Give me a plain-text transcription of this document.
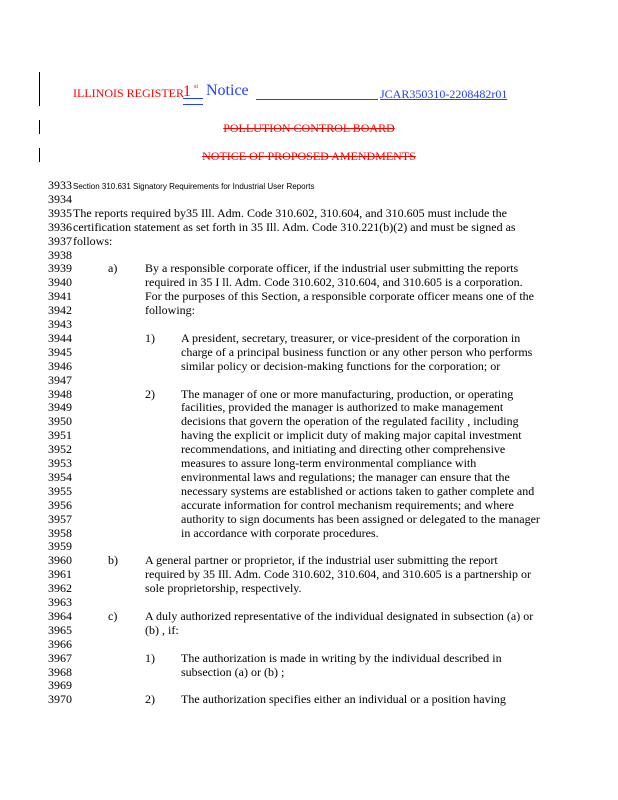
ILLINOIS REGISTER 1 st Notice	JCAR350310-2208482r01
POLLUTION CONTROL BOARD
NOTICE OF PROPOSED AMENDMENTS
3933 Section 310.631 Signatory Requirements for Industrial User Reports
3934
3935 The reports required by35 Ill. Adm. Code 310.602, 310.604, and 310.605 must include the
3936 certification statement as set forth in 35 Ill. Adm. Code 310.221(b)(2) and must be signed as
3937 follows:
3938
3939	a) By a responsible corporate officer, if the industrial user submitting the reports
3940	required in 35 I ll. Adm. Code 310.602, 310.604, and 310.605 is a corporation.
3941	For the purposes of this Section, a responsible corporate officer means one of the
3942	following:
3943
3944	1) A president, secretary, treasurer, or vice-president of the corporation in
3945	charge of a principal business function or any other person who performs
3946	similar policy or decision-making functions for the corporation; or
3947
3948	2) The manager of one or more manufacturing, production, or operating
3949	facilities, provided the manager is authorized to make management
3950	decisions that govern the operation of the regulated facility , including
3951	having the explicit or implicit duty of making major capital investment
3952	recommendations, and initiating and directing other comprehensive
3953	measures to assure long-term environmental compliance with
3954	environmental laws and regulations; the manager can ensure that the
3955	necessary systems are established or actions taken to gather complete and
3956	accurate information for control mechanism requirements; and where
3957	authority to sign documents has been assigned or delegated to the manager
3958	in accordance with corporate procedures.
3959
3960	b) A general partner or proprietor, if the industrial user submitting the report
3961	required by 35 Ill. Adm. Code 310.602, 310.604, and 310.605 is a partnership or
3962	sole proprietorship, respectively.
3963
3964	c) A duly authorized representative of the individual designated in subsection (a) or
3965	(b) , if:
3966
3967	1) The authorization is made in writing by the individual described in
3968	subsection (a) or (b) ;
3969
3970	2) The authorization specifies either an individual or a position having
